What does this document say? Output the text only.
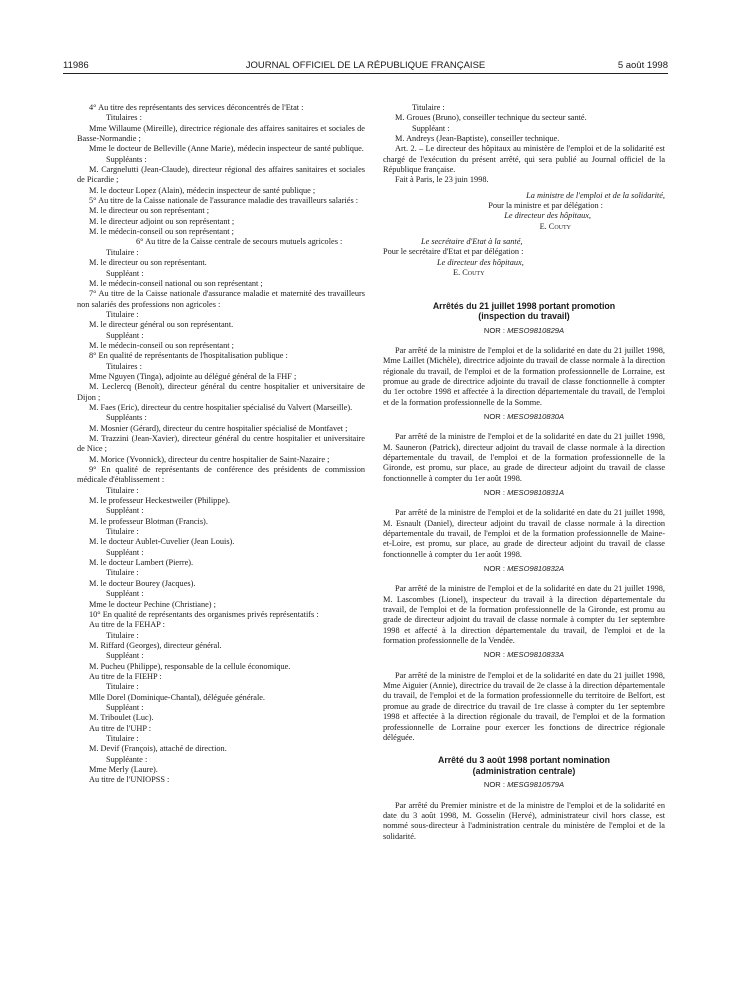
11986	JOURNAL OFFICIEL DE LA RÉPUBLIQUE FRANÇAISE	5 août 1998

4° Au titre des représentants des services déconcentrés de l'Etat :

Titulaires :

Mme Willaume (Mireille), directrice régionale des affaires sanitaires et sociales de Basse-Normandie ;

Mme le docteur de Belleville (Anne Marie), médecin inspecteur de santé publique.

Suppléants :

M. Cargnelutti (Jean-Claude), directeur régional des affaires sanitaires et sociales de Picardie ;

M. le docteur Lopez (Alain), médecin inspecteur de santé publique ;

5° Au titre de la Caisse nationale de l'assurance maladie des travailleurs salariés :

M. le directeur ou son représentant ;

M. le directeur adjoint ou son représentant ;

M. le médecin-conseil ou son représentant ;

6° Au titre de la Caisse centrale de secours mutuels agricoles :

Titulaire :

M. le directeur ou son représentant.

Suppléant :

M. le médecin-conseil national ou son représentant ;

7° Au titre de la Caisse nationale d'assurance maladie et maternité des travailleurs non salariés des professions non agricoles :

Titulaire :

M. le directeur général ou son représentant.

Suppléant :

M. le médecin-conseil ou son représentant ;

8° En qualité de représentants de l'hospitalisation publique :

Titulaires :

Mme Nguyen (Tinga), adjointe au délégué général de la FHF ;

M. Leclercq (Benoît), directeur général du centre hospitalier et universitaire de Dijon ;

M. Faes (Eric), directeur du centre hospitalier spécialisé du Valvert (Marseille).

Suppléants :

M. Mosnier (Gérard), directeur du centre hospitalier spécialisé de Montfavet ;

M. Trazzini (Jean-Xavier), directeur général du centre hospitalier et universitaire de Nice ;

M. Morice (Yvonnick), directeur du centre hospitalier de Saint-Nazaire ;

9° En qualité de représentants de conférence des présidents de commission médicale d'établissement :

Titulaire :

M. le professeur Heckestweiler (Philippe).

Suppléant :

M. le professeur Blotman (Francis).

Titulaire :

M. le docteur Aublet-Cuvelier (Jean Louis).

Suppléant :

M. le docteur Lambert (Pierre).

Titulaire :

M. le docteur Bourey (Jacques).

Suppléant :

Mme le docteur Pechine (Christiane) ;

10° En qualité de représentants des organismes privés représentatifs :

Au titre de la FEHAP :

Titulaire :

M. Riffard (Georges), directeur général.

Suppléant :

M. Pucheu (Philippe), responsable de la cellule économique.

Au titre de la FIEHP :

Titulaire :

Mlle Dorel (Dominique-Chantal), déléguée générale.

Suppléant :

M. Triboulet (Luc).

Au titre de l'UHP :

Titulaire :

M. Devif (François), attaché de direction.

Suppléante :

Mme Merly (Laure).

Au titre de l'UNIOPSS :

Titulaire :

M. Groues (Bruno), conseiller technique du secteur santé.

Suppléant :

M. Andreys (Jean-Baptiste), conseiller technique.

Art. 2. – Le directeur des hôpitaux au ministère de l'emploi et de la solidarité est chargé de l'exécution du présent arrêté, qui sera publié au Journal officiel de la République française.

Fait à Paris, le 23 juin 1998.

La ministre de l'emploi et de la solidarité,

Pour la ministre et par délégation :

Le directeur des hôpitaux,

E. Couty

Le secrétaire d'Etat à la santé,

Pour le secrétaire d'Etat et par délégation :

Le directeur des hôpitaux,

E. Couty

Arrêtés du 21 juillet 1998 portant promotion
(inspection du travail)
NOR : MESO9810829A

Par arrêté de la ministre de l'emploi et de la solidarité en date du 21 juillet 1998, Mme Laillet (Michèle), directrice adjointe du travail de classe normale à la direction régionale du travail, de l'emploi et de la formation professionnelle de Lorraine, est promue au grade de directrice adjointe du travail de classe fonctionnelle à compter du 1er octobre 1998 et affectée à la direction départementale du travail, de l'emploi et de la formation professionnelle de la Somme.

NOR : MESO9810830A

Par arrêté de la ministre de l'emploi et de la solidarité en date du 21 juillet 1998, M. Sauneron (Patrick), directeur adjoint du travail de classe normale à la direction départementale du travail, de l'emploi et de la formation professionnelle de la Gironde, est promu, sur place, au grade de directeur adjoint du travail de classe fonctionnelle à compter du 1er août 1998.

NOR : MESO9810831A

Par arrêté de la ministre de l'emploi et de la solidarité en date du 21 juillet 1998, M. Esnault (Daniel), directeur adjoint du travail de classe normale à la direction départementale du travail, de l'emploi et de la formation professionnelle de Maine-et-Loire, est promu, sur place, au grade de directeur adjoint du travail de classe fonctionnelle à compter du 1er août 1998.

NOR : MESO9810832A

Par arrêté de la ministre de l'emploi et de la solidarité en date du 21 juillet 1998, M. Lascombes (Lionel), inspecteur du travail à la direction départementale du travail, de l'emploi et de la formation professionnelle de la Gironde, est promu au grade de directeur adjoint du travail de classe normale à compter du 1er septembre 1998 et affecté à la direction départementale du travail, de l'emploi et de la formation professionnelle de la Vendée.

NOR : MESO9810833A

Par arrêté de la ministre de l'emploi et de la solidarité en date du 21 juillet 1998, Mme Aiguier (Annie), directrice du travail de 2e classe à la direction départementale du travail, de l'emploi et de la formation professionnelle du territoire de Belfort, est promue au grade de directrice du travail de 1re classe à compter du 1er septembre 1998 et affectée à la direction régionale du travail, de l'emploi et de la formation professionnelle de Lorraine pour exercer les fonctions de directrice régionale déléguée.

Arrêté du 3 août 1998 portant nomination
(administration centrale)
NOR : MESG9810579A

Par arrêté du Premier ministre et de la ministre de l'emploi et de la solidarité en date du 3 août 1998, M. Gosselin (Hervé), administrateur civil hors classe, est nommé sous-directeur à l'administration centrale du ministère de l'emploi et de la solidarité.
